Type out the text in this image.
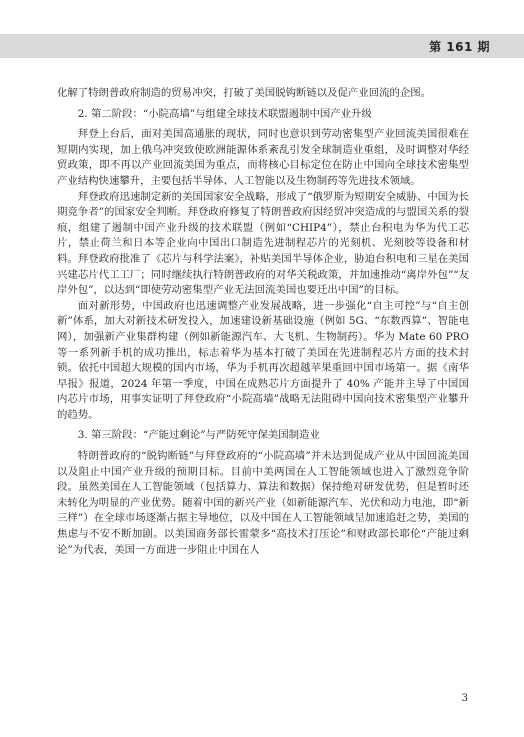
第 161 期

化解了特朗普政府制造的贸易冲突，打破了美国脱钩断链以及促产业回流的企图。

2. 第二阶段：“小院高墙”与组建全球技术联盟遏制中国产业升级

拜登上台后，面对美国高通胀的现状，同时也意识到劳动密集型产业回流美国很难在短期内实现，加上俄乌冲突致使欧洲能源体系紊乱引发全球制造业重组，及时调整对华经贸政策，即不再以产业回流美国为重点，而将核心目标定位在防止中国向全球技术密集型产业结构快速攀升，主要包括半导体、人工智能以及生物制药等先进技术领域。

拜登政府迅速制定新的美国国家安全战略，形成了“俄罗斯为短期安全威胁、中国为长期竞争者”的国家安全判断。拜登政府修复了特朗普政府因经贸冲突造成的与盟国关系的裂痕，组建了遏制中国产业升级的技术联盟（例如“CHIP4”），禁止台积电为华为代工芯片，禁止荷兰和日本等企业向中国出口制造先进制程芯片的光刻机、光刻胶等设备和材料。拜登政府批准了《芯片与科学法案》，补贴美国半导体企业，胁迫台积电和三星在美国兴建芯片代工工厂；同时继续执行特朗普政府的对华关税政策，并加速推动“离岸外包”“友岸外包”，以达到“即使劳动密集型产业无法回流美国也要迁出中国”的目标。

面对新形势，中国政府也迅速调整产业发展战略，进一步强化“自主可控”与“自主创新”体系，加大对新技术研发投入，加速建设新基础设施（例如 5G、“东数西算”、智能电网），加强新产业集群构建（例如新能源汽车、大飞机、生物制药）。华为 Mate 60 PRO 等一系列新手机的成功推出，标志着华为基本打破了美国在先进制程芯片方面的技术封锁。依托中国超大规模的国内市场，华为手机再次超越苹果重回中国市场第一。据《南华早报》报道，2024 年第一季度，中国在成熟芯片方面提升了 40% 产能并主导了中国国内芯片市场，用事实证明了拜登政府“小院高墙”战略无法阻碍中国向技术密集型产业攀升的趋势。

3. 第三阶段：“产能过剩论”与严防死守保美国制造业

特朗普政府的“脱钩断链”与拜登政府的“小院高墙”并未达到促成产业从中国回流美国以及阻止中国产业升级的预期目标。目前中美两国在人工智能领域也进入了激烈竞争阶段。虽然美国在人工智能领域（包括算力、算法和数据）保持绝对研发优势，但是暂时还未转化为明显的产业优势。随着中国的新兴产业（如新能源汽车、光伏和动力电池，即“新三样”）在全球市场逐渐占据主导地位，以及中国在人工智能领域呈加速追赶之势，美国的焦虑与不安不断加剧。以美国商务部长雷蒙多“高技术打压论”和财政部长耶伦“产能过剩论”为代表，美国一方面进一步阻止中国在人

3
